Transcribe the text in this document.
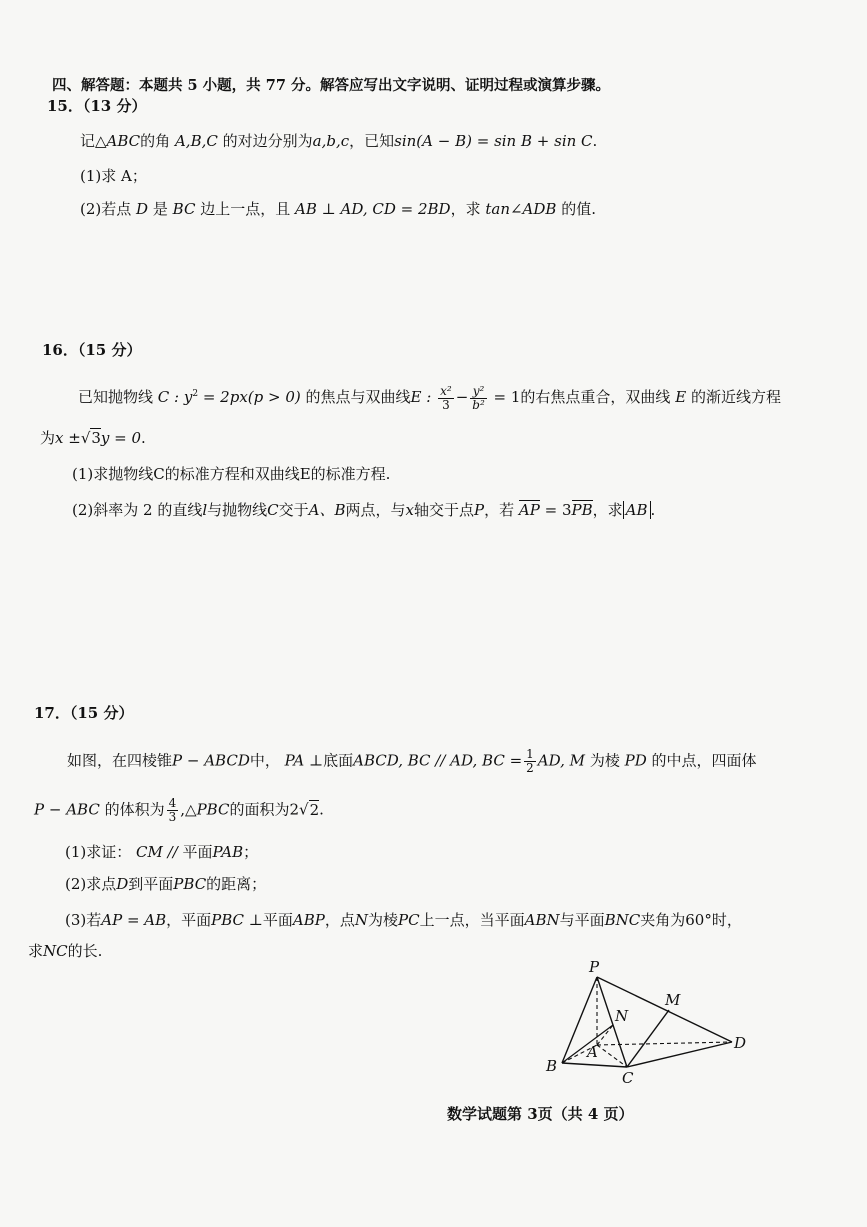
四、解答题：本题共 5 小题，共 77 分。解答应写出文字说明、证明过程或演算步骤。
15．（13 分）
记△ABC的角 A,B,C 的对边分别为a,b,c，已知sin(A − B) = sin B + sin C.
(1)求 A；
(2)若点 D 是 BC 边上一点，且 AB ⊥ AD, CD = 2BD，求 tan∠ADB 的值.
16．（15 分）
已知抛物线 C : $y^2 = 2px(p > 0)$ 的焦点与双曲线E : $\frac{\text{x²}}{3} - \frac{\text{y²}}{\text{b²}} = 1$的右焦点重合，双曲线 E 的渐近线方程
为x ±√3y = 0.
(1)求抛物线C的标准方程和双曲线E的标准方程.
(2)斜率为 2 的直线l与抛物线C交于A、B两点，与x轴交于点P，若 AP = 3PB，求 AB .
17．（15 分）
如图，在四棱锥P − ABCD中， PA ⊥底面ABCD, BC // AD, BC = $\frac{1}{2}$ AD, M 为棱 PD 的中点，四面体
P − ABC 的体积为 $\frac{4}{3}$ ,△PBC的面积为2√2.
(1)求证： CM // 平面PAB；
(2)求点D到平面PBC的距离；
(3)若AP = AB，平面PBC ⊥平面ABP，点N为棱PC上一点，当平面ABN与平面BNC夹角为60°时，
求NC的长.
P
M
N
A
B
C
D
数学试题第 3页（共 4 页）
